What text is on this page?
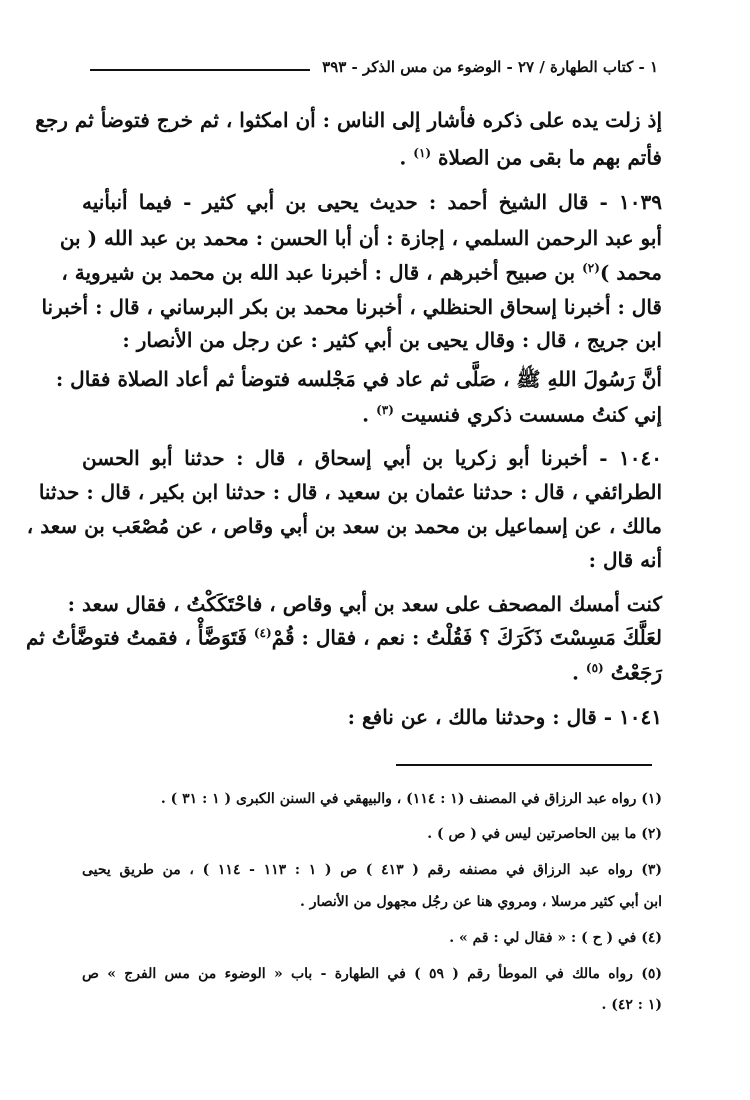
١ - كتاب الطهارة / ٢٧ - الوضوء من مس الذكر - ٣٩٣
إذ زلت يده على ذكره فأشار إلى الناس : أن امكثوا ، ثم خرج فتوضأ ثم رجع
فأتم بهم ما بقى من الصلاة $^{(١)}$ .
١٠٣٩ - قال الشيخ أحمد : حديث يحيى بن أبي كثير - فيما أنبأنيه
أبو عبد الرحمن السلمي ، إجازة : أن أبا الحسن : محمد بن عبد الله ( بن
محمد )$^{(٢)}$ بن صبيح أخبرهم ، قال : أخبرنا عبد الله بن محمد بن شيروية ،
قال : أخبرنا إسحاق الحنظلي ، أخبرنا محمد بن بكر البرساني ، قال : أخبرنا
ابن جريج ، قال : وقال يحيى بن أبي كثير : عن رجل من الأنصار :
أنَّ رَسُولَ اللهِ ﷺ ، صَلَّى ثم عاد في مَجْلسه فتوضأ ثم أعاد الصلاة فقال :
إني كنتُ مسست ذكري فنسيت $^{(٣)}$ .
١٠٤٠ - أخبرنا أبو زكريا بن أبي إسحاق ، قال : حدثنا أبو الحسن
الطرائفي ، قال : حدثنا عثمان بن سعيد ، قال : حدثنا ابن بكير ، قال : حدثنا
مالك ، عن إسماعيل بن محمد بن سعد بن أبي وقاص ، عن مُصْعَب بن سعد ،
أنه قال :
كنت أمسك المصحف على سعد بن أبي وقاص ، فاحْتَكَكْتُ ، فقال سعد :
لعَلَّكَ مَسِسْتَ ذَكَرَكَ ؟ فَقُلْتُ : نعم ، فقال : قُمْ$^{(٤)}$ فَتَوَضَّأْ ، فقمتُ فتوضَّأتُ ثم
رَجَعْتُ $^{(٥)}$ .
١٠٤١ - قال : وحدثنا مالك ، عن نافع :
(١) رواه عبد الرزاق في المصنف (١ : ١١٤) ، والبيهقي في السنن الكبرى ( ١ : ٣١ ) .
(٢) ما بين الحاصرتين ليس في ( ص ) .
(٣) رواه عبد الرزاق في مصنفه رقم ( ٤١٣ ) ص ( ١ : ١١٣ - ١١٤ ) ، من طريق يحيى
ابن أبي كثير مرسلا ، ومروي هنا عن رجُل مجهول من الأنصار .
(٤) في ( ح ) : « فقال لي : قم » .
(٥) رواه مالك في الموطأ رقم ( ٥٩ ) في الطهارة - باب « الوضوء من مس الفرج » ص
(١ : ٤٢) .
